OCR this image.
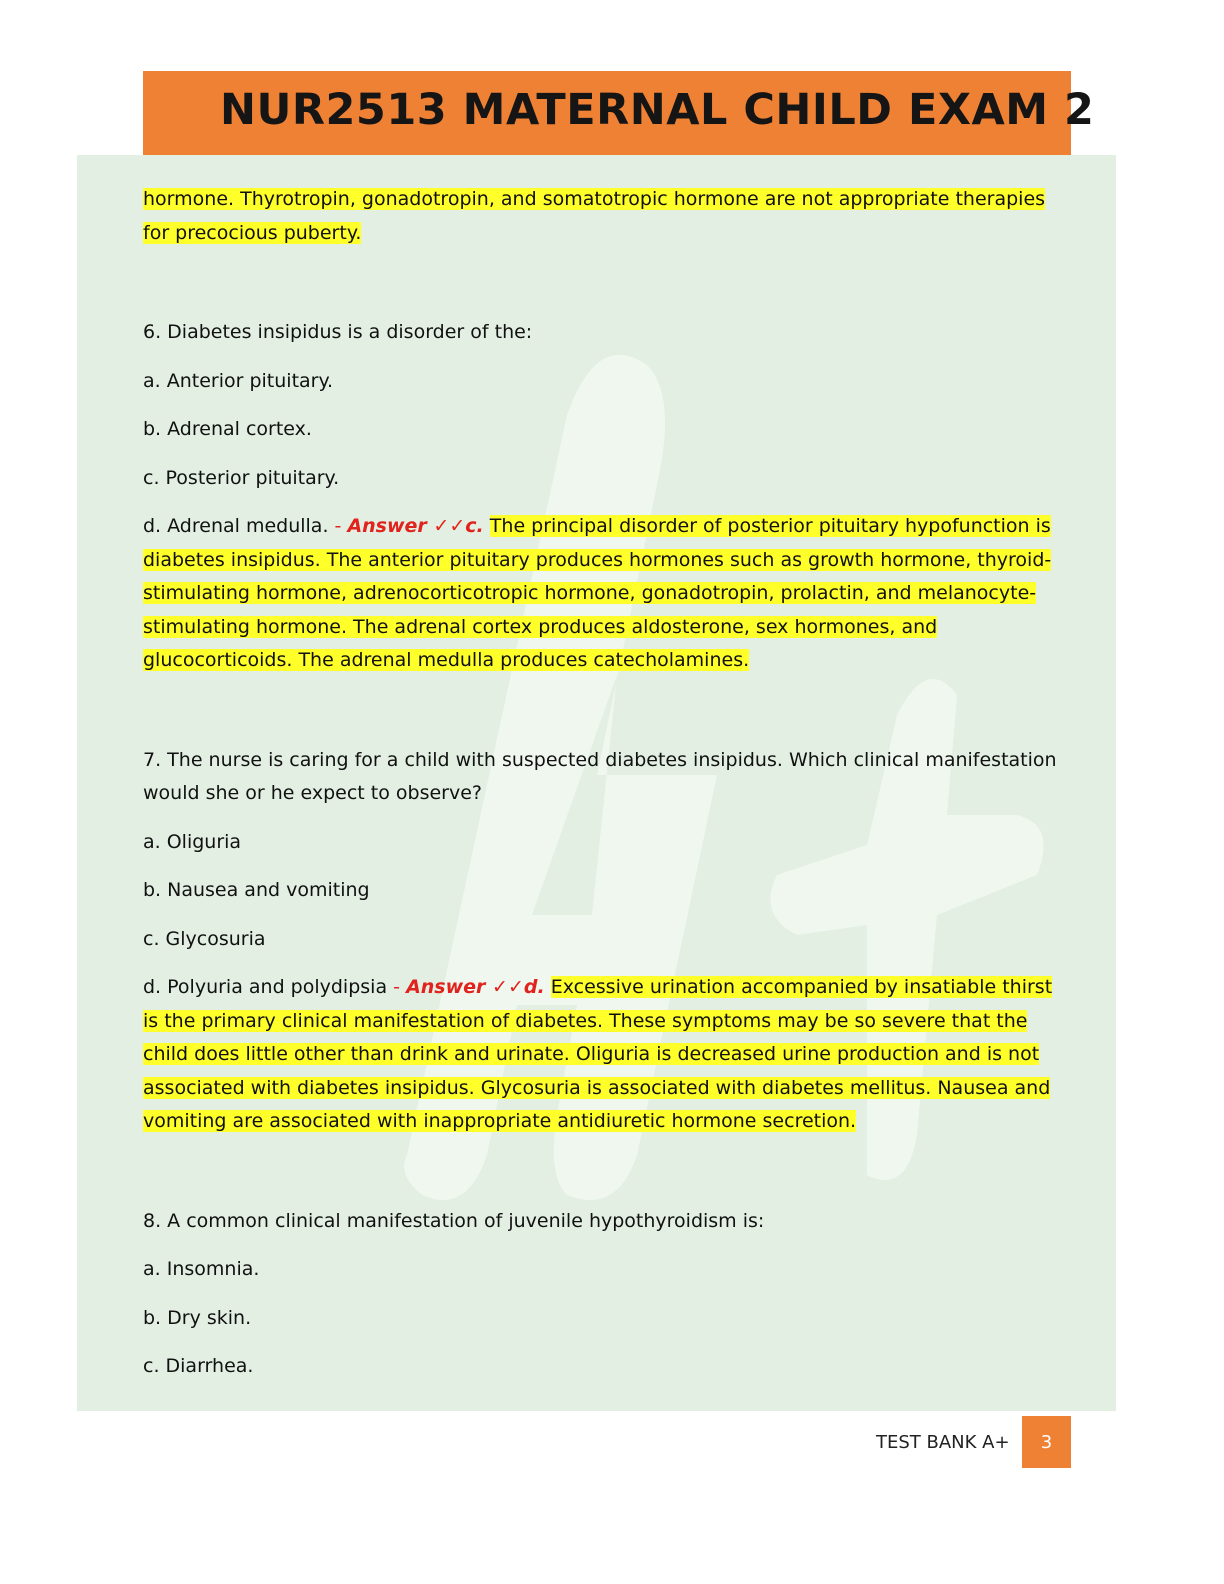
NUR2513 MATERNAL CHILD EXAM 2

hormone. Thyrotropin, gonadotropin, and somatotropic hormone are not appropriate therapies for precocious puberty.

6. Diabetes insipidus is a disorder of the:

a. Anterior pituitary.

b. Adrenal cortex.

c. Posterior pituitary.

d. Adrenal medulla. - Answer ✓✓c. The principal disorder of posterior pituitary hypofunction is diabetes insipidus. The anterior pituitary produces hormones such as growth hormone, thyroid-stimulating hormone, adrenocorticotropic hormone, gonadotropin, prolactin, and melanocyte-stimulating hormone. The adrenal cortex produces aldosterone, sex hormones, and glucocorticoids. The adrenal medulla produces catecholamines.

7. The nurse is caring for a child with suspected diabetes insipidus. Which clinical manifestation would she or he expect to observe?

a. Oliguria

b. Nausea and vomiting

c. Glycosuria

d. Polyuria and polydipsia - Answer ✓✓d. Excessive urination accompanied by insatiable thirst is the primary clinical manifestation of diabetes. These symptoms may be so severe that the child does little other than drink and urinate. Oliguria is decreased urine production and is not associated with diabetes insipidus. Glycosuria is associated with diabetes mellitus. Nausea and vomiting are associated with inappropriate antidiuretic hormone secretion.

8. A common clinical manifestation of juvenile hypothyroidism is:

a. Insomnia.

b. Dry skin.

c. Diarrhea.

TEST BANK A+	3
